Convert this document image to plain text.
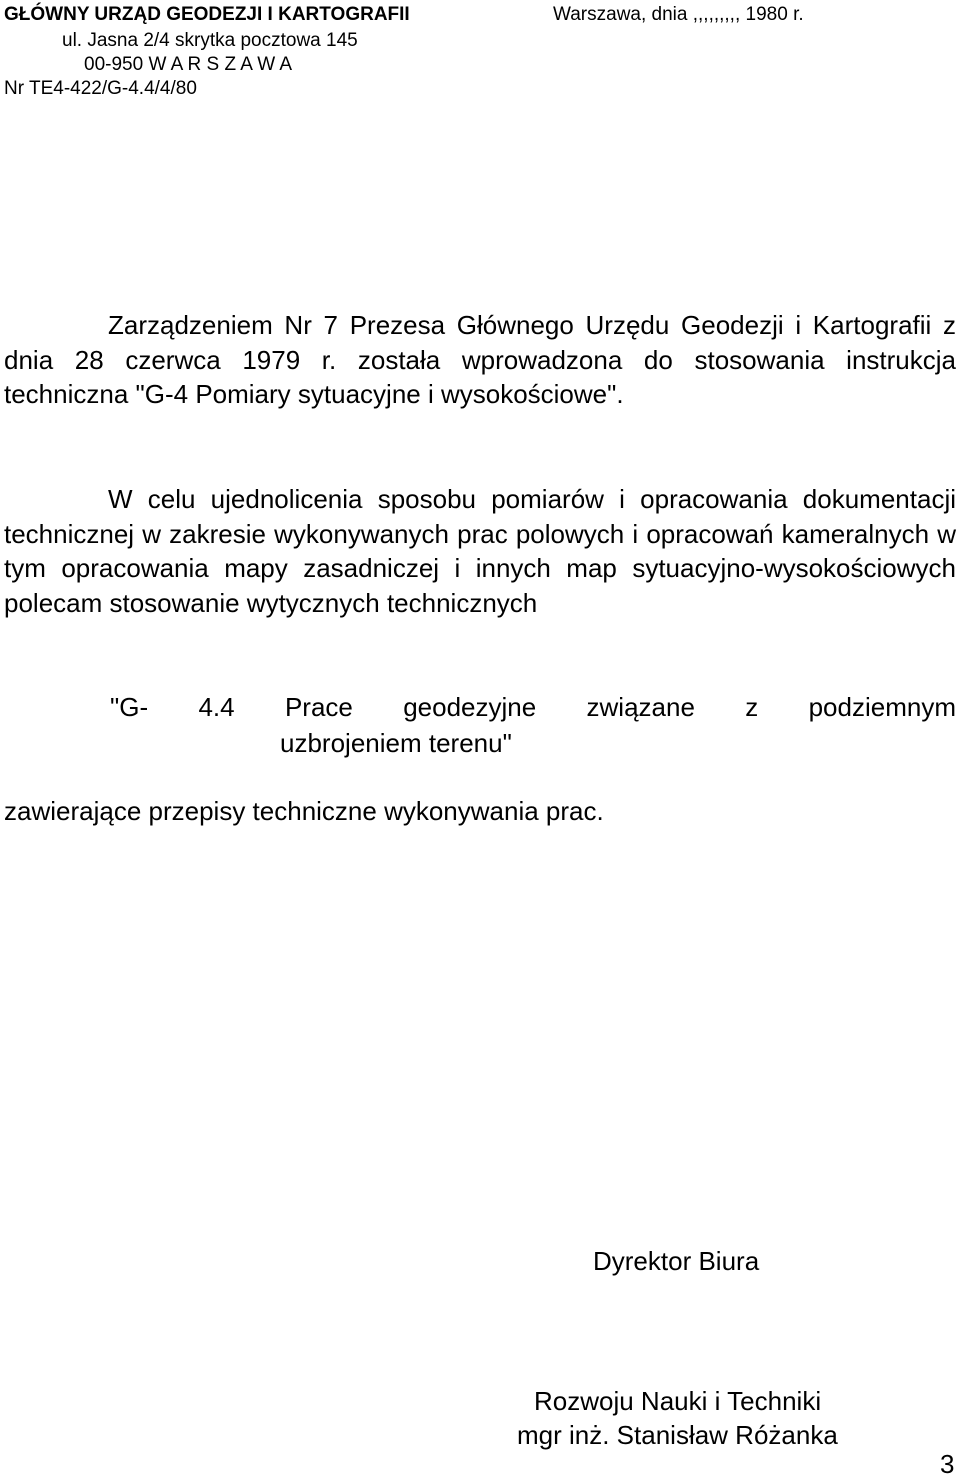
GŁÓWNY URZĄD GEODEZJI I KARTOGRAFII	Warszawa, dnia ,,,,,,,,, 1980 r.
ul. Jasna 2/4 skrytka pocztowa 145
00-950 W A R S Z A W A
Nr TE4-422/G-4.4/4/80

Zarządzeniem Nr 7 Prezesa Głównego Urzędu Geodezji i Kartografii z dnia 28 czerwca 1979 r. została wprowadzona do stosowania instrukcja techniczna "G-4 Pomiary sytuacyjne i wysokościowe".

W celu ujednolicenia sposobu pomiarów i opracowania dokumentacji technicznej w zakresie wykonywanych prac polowych i opracowań kameralnych w tym opracowania mapy zasadniczej i innych map sytuacyjno-wysokościowych polecam stosowanie wytycznych technicznych

"G- 4.4 Prace geodezyjne związane z podziemnym
uzbrojeniem terenu"
zawierające przepisy techniczne wykonywania prac.
Dyrektor Biura
Rozwoju Nauki i Techniki
mgr inż. Stanisław Różanka
3
